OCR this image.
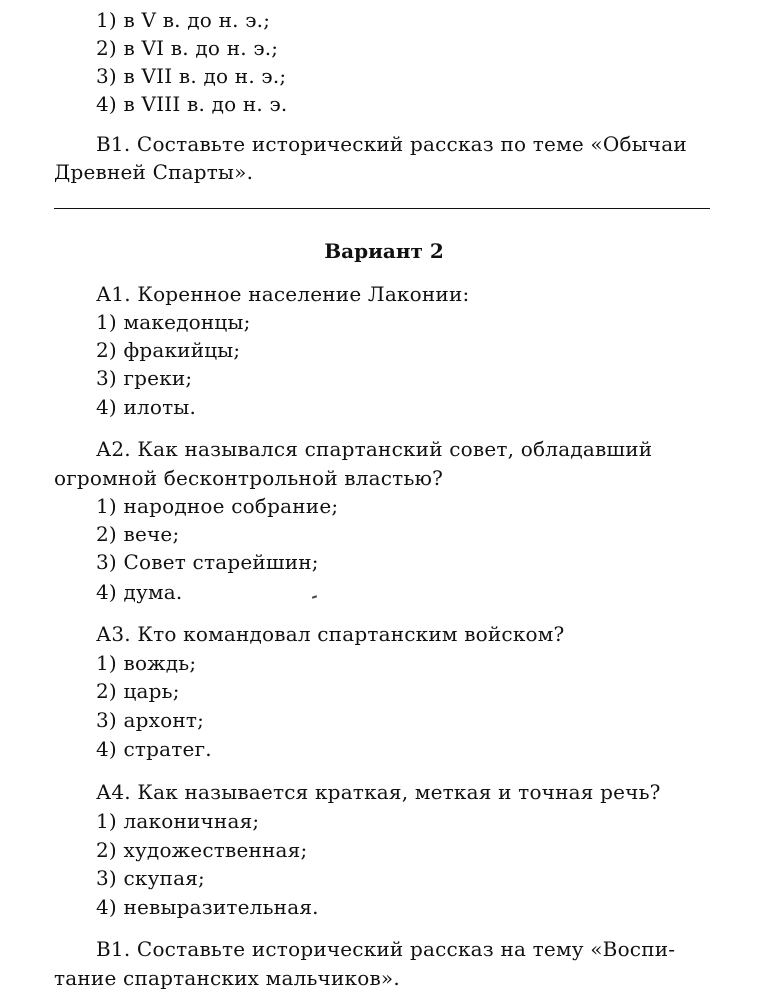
1) в V в. до н. э.;
2) в VI в. до н. э.;
3) в VII в. до н. э.;
4) в VIII в. до н. э.
В1. Составьте исторический рассказ по теме «Обычаи
Древней Спарты».
Вариант 2
А1. Коренное население Лаконии:
1) македонцы;
2) фракийцы;
3) греки;
4) илоты.
А2. Как назывался спартанский совет, обладавший
огромной бесконтрольной властью?
1) народное собрание;
2) вече;
3) Совет старейшин;
4) дума.
А3. Кто командовал спартанским войском?
1) вождь;
2) царь;
3) архонт;
4) стратег.
А4. Как называется краткая, меткая и точная речь?
1) лаконичная;
2) художественная;
3) скупая;
4) невыразительная.
В1. Составьте исторический рассказ на тему «Воспи-
тание спартанских мальчиков».
